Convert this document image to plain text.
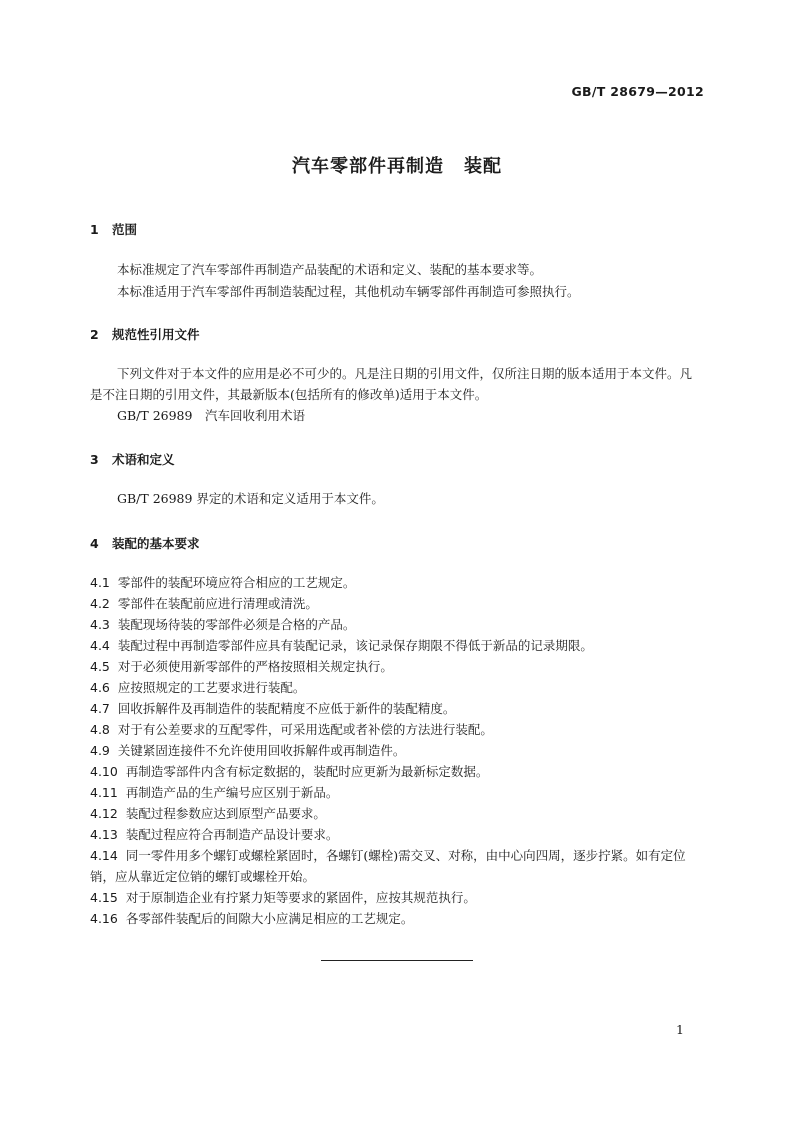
GB/T 28679—2012
汽车零部件再制造 装配
1 范围
本标准规定了汽车零部件再制造产品装配的术语和定义、装配的基本要求等。
本标准适用于汽车零部件再制造装配过程，其他机动车辆零部件再制造可参照执行。
2 规范性引用文件
下列文件对于本文件的应用是必不可少的。凡是注日期的引用文件，仅所注日期的版本适用于本文件。凡是不注日期的引用文件，其最新版本(包括所有的修改单)适用于本文件。
GB/T 26989　汽车回收利用术语
3 术语和定义
GB/T 26989 界定的术语和定义适用于本文件。
4 装配的基本要求
4.1 零部件的装配环境应符合相应的工艺规定。
4.2 零部件在装配前应进行清理或清洗。
4.3 装配现场待装的零部件必须是合格的产品。
4.4 装配过程中再制造零部件应具有装配记录，该记录保存期限不得低于新品的记录期限。
4.5 对于必须使用新零部件的严格按照相关规定执行。
4.6 应按照规定的工艺要求进行装配。
4.7 回收拆解件及再制造件的装配精度不应低于新件的装配精度。
4.8 对于有公差要求的互配零件，可采用选配或者补偿的方法进行装配。
4.9 关键紧固连接件不允许使用回收拆解件或再制造件。
4.10 再制造零部件内含有标定数据的，装配时应更新为最新标定数据。
4.11 再制造产品的生产编号应区别于新品。
4.12 装配过程参数应达到原型产品要求。
4.13 装配过程应符合再制造产品设计要求。
4.14 同一零件用多个螺钉或螺栓紧固时，各螺钉(螺栓)需交叉、对称，由中心向四周，逐步拧紧。如有定位销，应从靠近定位销的螺钉或螺栓开始。
4.15 对于原制造企业有拧紧力矩等要求的紧固件，应按其规范执行。
4.16 各零部件装配后的间隙大小应满足相应的工艺规定。
1
